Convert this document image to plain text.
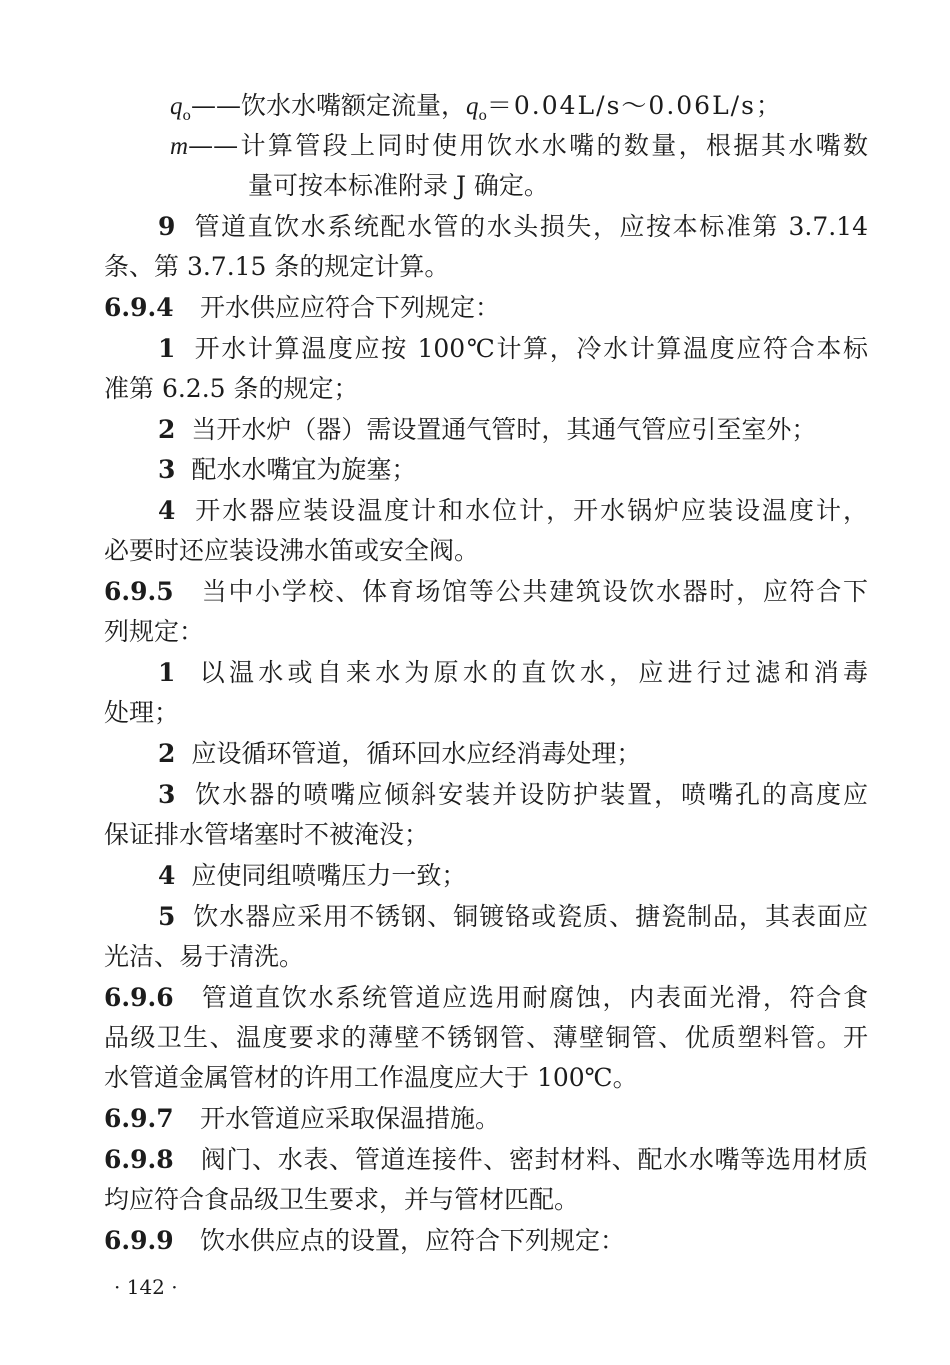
$q_o——$饮水水嘴额定流量，$q_o=0.04L/s\sim 0.06L/s$；
m——计算管段上同时使用饮水水嘴的数量，根据其水嘴数
量可按本标准附录 J 确定。
9 管道直饮水系统配水管的水头损失，应按本标准第 3.7.14
条、第 3.7.15 条的规定计算。
6.9.4 开水供应应符合下列规定：
1 开水计算温度应按 100℃计算，冷水计算温度应符合本标
准第 6.2.5 条的规定；
2 当开水炉（器）需设置通气管时，其通气管应引至室外；
3 配水水嘴宜为旋塞；
4 开水器应装设温度计和水位计，开水锅炉应装设温度计，
必要时还应装设沸水笛或安全阀。
6.9.5 当中小学校、体育场馆等公共建筑设饮水器时，应符合下
列规定：
1 以温水或自来水为原水的直饮水，应进行过滤和消毒
处理；
2 应设循环管道，循环回水应经消毒处理；
3 饮水器的喷嘴应倾斜安装并设防护装置，喷嘴孔的高度应
保证排水管堵塞时不被淹没；
4 应使同组喷嘴压力一致；
5 饮水器应采用不锈钢、铜镀铬或瓷质、搪瓷制品，其表面应
光洁、易于清洗。
6.9.6 管道直饮水系统管道应选用耐腐蚀，内表面光滑，符合食
品级卫生、温度要求的薄壁不锈钢管、薄壁铜管、优质塑料管。开
水管道金属管材的许用工作温度应大于 100℃。
6.9.7 开水管道应采取保温措施。
6.9.8 阀门、水表、管道连接件、密封材料、配水水嘴等选用材质
均应符合食品级卫生要求，并与管材匹配。
6.9.9 饮水供应点的设置，应符合下列规定：
· 142 ·
